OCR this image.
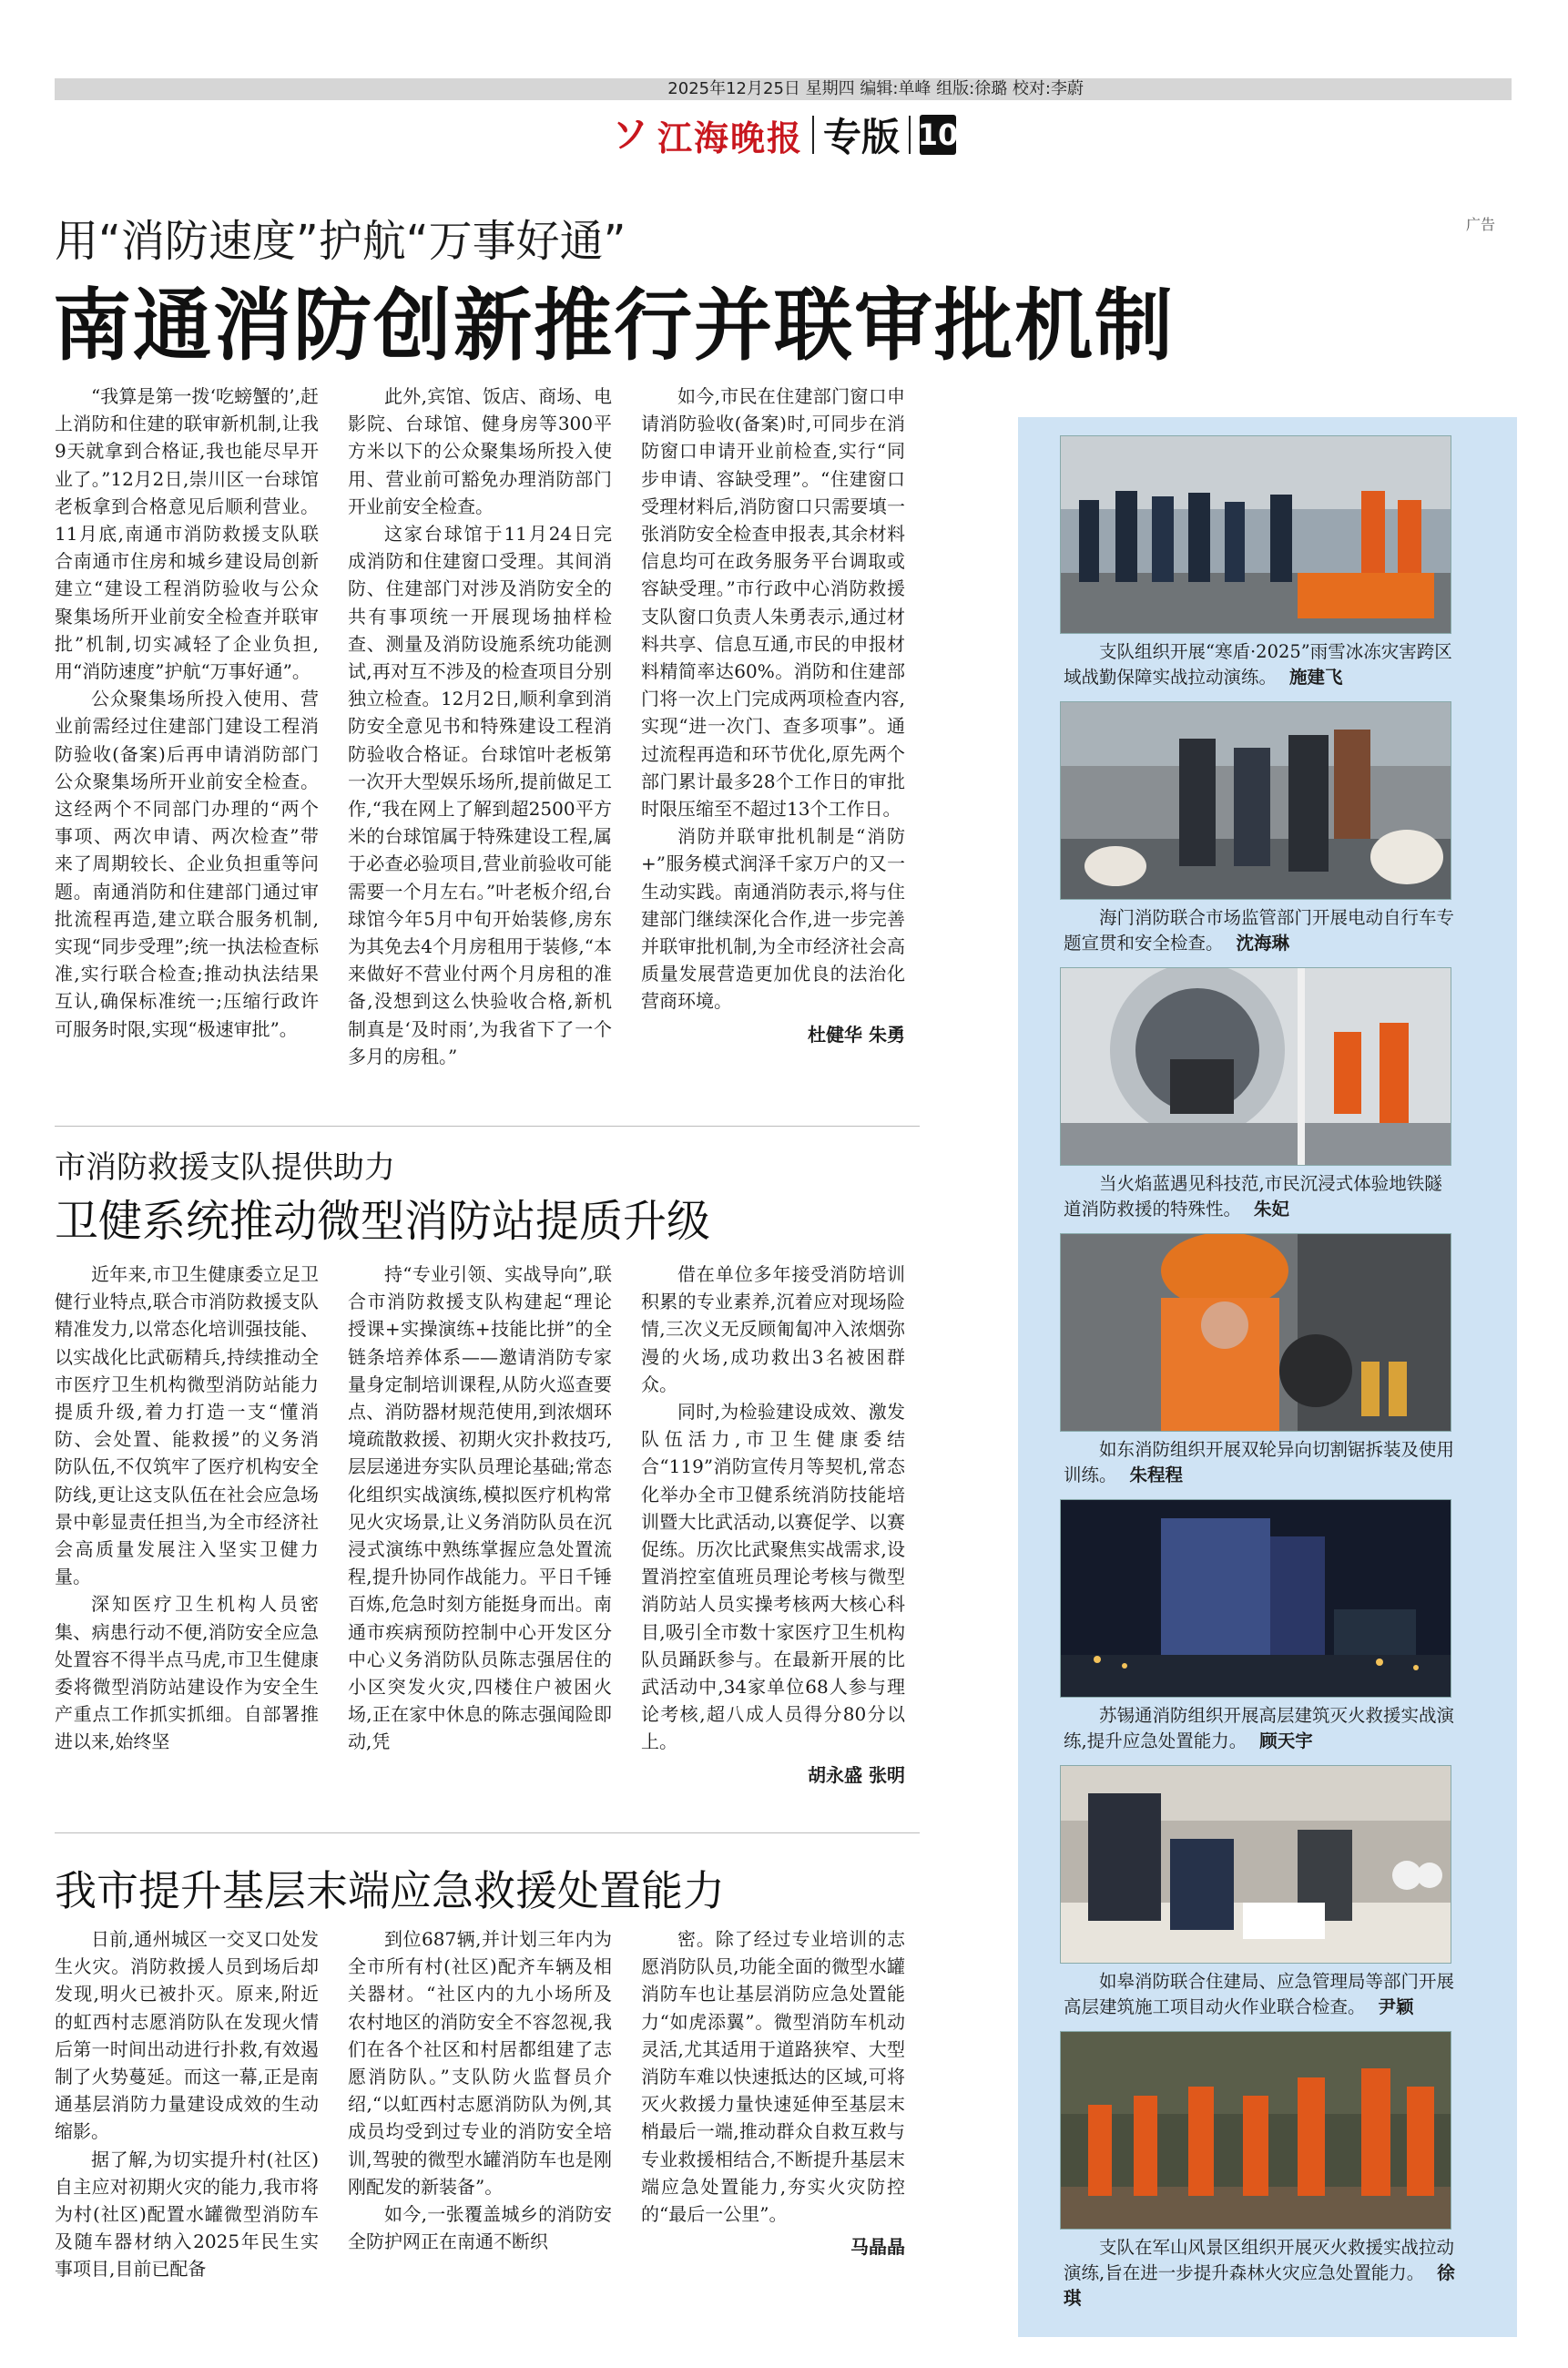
2025年12月25日 星期四 编辑:单峰 组版:徐璐 校对:李蔚
ソ 江海晚报 专版 10
广告
用“消防速度”护航“万事好通”
南通消防创新推行并联审批机制

“我算是第一拨‘吃螃蟹的’,赶上消防和住建的联审新机制,让我9天就拿到合格证,我也能尽早开业了。”12月2日,崇川区一台球馆老板拿到合格意见后顺利营业。11月底,南通市消防救援支队联合南通市住房和城乡建设局创新建立“建设工程消防验收与公众聚集场所开业前安全检查并联审批”机制,切实减轻了企业负担,用“消防速度”护航“万事好通”。

公众聚集场所投入使用、营业前需经过住建部门建设工程消防验收(备案)后再申请消防部门公众聚集场所开业前安全检查。这经两个不同部门办理的“两个事项、两次申请、两次检查”带来了周期较长、企业负担重等问题。南通消防和住建部门通过审批流程再造,建立联合服务机制,实现“同步受理”;统一执法检查标准,实行联合检查;推动执法结果互认,确保标准统一;压缩行政许可服务时限,实现“极速审批”。

此外,宾馆、饭店、商场、电影院、台球馆、健身房等300平方米以下的公众聚集场所投入使用、营业前可豁免办理消防部门开业前安全检查。

这家台球馆于11月24日完成消防和住建窗口受理。其间消防、住建部门对涉及消防安全的共有事项统一开展现场抽样检查、测量及消防设施系统功能测试,再对互不涉及的检查项目分别独立检查。12月2日,顺利拿到消防安全意见书和特殊建设工程消防验收合格证。台球馆叶老板第一次开大型娱乐场所,提前做足工作,“我在网上了解到超2500平方米的台球馆属于特殊建设工程,属于必查必验项目,营业前验收可能需要一个月左右。”叶老板介绍,台球馆今年5月中旬开始装修,房东为其免去4个月房租用于装修,“本来做好不营业付两个月房租的准备,没想到这么快验收合格,新机制真是‘及时雨’,为我省下了一个多月的房租。”

如今,市民在住建部门窗口申请消防验收(备案)时,可同步在消防窗口申请开业前检查,实行“同步申请、容缺受理”。“住建窗口受理材料后,消防窗口只需要填一张消防安全检查申报表,其余材料信息均可在政务服务平台调取或容缺受理。”市行政中心消防救援支队窗口负责人朱勇表示,通过材料共享、信息互通,市民的申报材料精简率达60%。消防和住建部门将一次上门完成两项检查内容,实现“进一次门、查多项事”。通过流程再造和环节优化,原先两个部门累计最多28个工作日的审批时限压缩至不超过13个工作日。

消防并联审批机制是“消防+”服务模式润泽千家万户的又一生动实践。南通消防表示,将与住建部门继续深化合作,进一步完善并联审批机制,为全市经济社会高质量发展营造更加优良的法治化营商环境。

杜健华 朱勇
市消防救援支队提供助力
卫健系统推动微型消防站提质升级

近年来,市卫生健康委立足卫健行业特点,联合市消防救援支队精准发力,以常态化培训强技能、以实战化比武砺精兵,持续推动全市医疗卫生机构微型消防站能力提质升级,着力打造一支“懂消防、会处置、能救援”的义务消防队伍,不仅筑牢了医疗机构安全防线,更让这支队伍在社会应急场景中彰显责任担当,为全市经济社会高质量发展注入坚实卫健力量。

深知医疗卫生机构人员密集、病患行动不便,消防安全应急处置容不得半点马虎,市卫生健康委将微型消防站建设作为安全生产重点工作抓实抓细。自部署推进以来,始终坚

持“专业引领、实战导向”,联合市消防救援支队构建起“理论授课+实操演练+技能比拼”的全链条培养体系——邀请消防专家量身定制培训课程,从防火巡查要点、消防器材规范使用,到浓烟环境疏散救援、初期火灾扑救技巧,层层递进夯实队员理论基础;常态化组织实战演练,模拟医疗机构常见火灾场景,让义务消防队员在沉浸式演练中熟练掌握应急处置流程,提升协同作战能力。平日千锤百炼,危急时刻方能挺身而出。南通市疾病预防控制中心开发区分中心义务消防队员陈志强居住的小区突发火灾,四楼住户被困火场,正在家中休息的陈志强闻险即动,凭

借在单位多年接受消防培训积累的专业素养,沉着应对现场险情,三次义无反顾匍匐冲入浓烟弥漫的火场,成功救出3名被困群众。

同时,为检验建设成效、激发队伍活力,市卫生健康委结合“119”消防宣传月等契机,常态化举办全市卫健系统消防技能培训暨大比武活动,以赛促学、以赛促练。历次比武聚焦实战需求,设置消控室值班员理论考核与微型消防站人员实操考核两大核心科目,吸引全市数十家医疗卫生机构队员踊跃参与。在最新开展的比武活动中,34家单位68人参与理论考核,超八成人员得分80分以上。

胡永盛 张明
我市提升基层末端应急救援处置能力

日前,通州城区一交叉口处发生火灾。消防救援人员到场后却发现,明火已被扑灭。原来,附近的虹西村志愿消防队在发现火情后第一时间出动进行扑救,有效遏制了火势蔓延。而这一幕,正是南通基层消防力量建设成效的生动缩影。

据了解,为切实提升村(社区)自主应对初期火灾的能力,我市将为村(社区)配置水罐微型消防车及随车器材纳入2025年民生实事项目,目前已配备

到位687辆,并计划三年内为全市所有村(社区)配齐车辆及相关器材。“社区内的九小场所及农村地区的消防安全不容忽视,我们在各个社区和村居都组建了志愿消防队。”支队防火监督员介绍,“以虹西村志愿消防队为例,其成员均受到过专业的消防安全培训,驾驶的微型水罐消防车也是刚刚配发的新装备”。

如今,一张覆盖城乡的消防安全防护网正在南通不断织

密。除了经过专业培训的志愿消防队员,功能全面的微型水罐消防车也让基层消防应急处置能力“如虎添翼”。微型消防车机动灵活,尤其适用于道路狭窄、大型消防车难以快速抵达的区域,可将灭火救援力量快速延伸至基层末梢最后一端,推动群众自救互救与专业救援相结合,不断提升基层末端应急处置能力,夯实火灾防控的“最后一公里”。

马晶晶
支队组织开展“寒盾·2025”雨雪冰冻灾害跨区域战勤保障实战拉动演练。 施建飞
海门消防联合市场监管部门开展电动自行车专题宣贯和安全检查。 沈海琳
当火焰蓝遇见科技范,市民沉浸式体验地铁隧道消防救援的特殊性。 朱妃
如东消防组织开展双轮异向切割锯拆装及使用训练。 朱程程
苏锡通消防组织开展高层建筑灭火救援实战演练,提升应急处置能力。 顾天宇
如皋消防联合住建局、应急管理局等部门开展高层建筑施工项目动火作业联合检查。 尹颖
支队在军山风景区组织开展灭火救援实战拉动演练,旨在进一步提升森林火灾应急处置能力。 徐琪
